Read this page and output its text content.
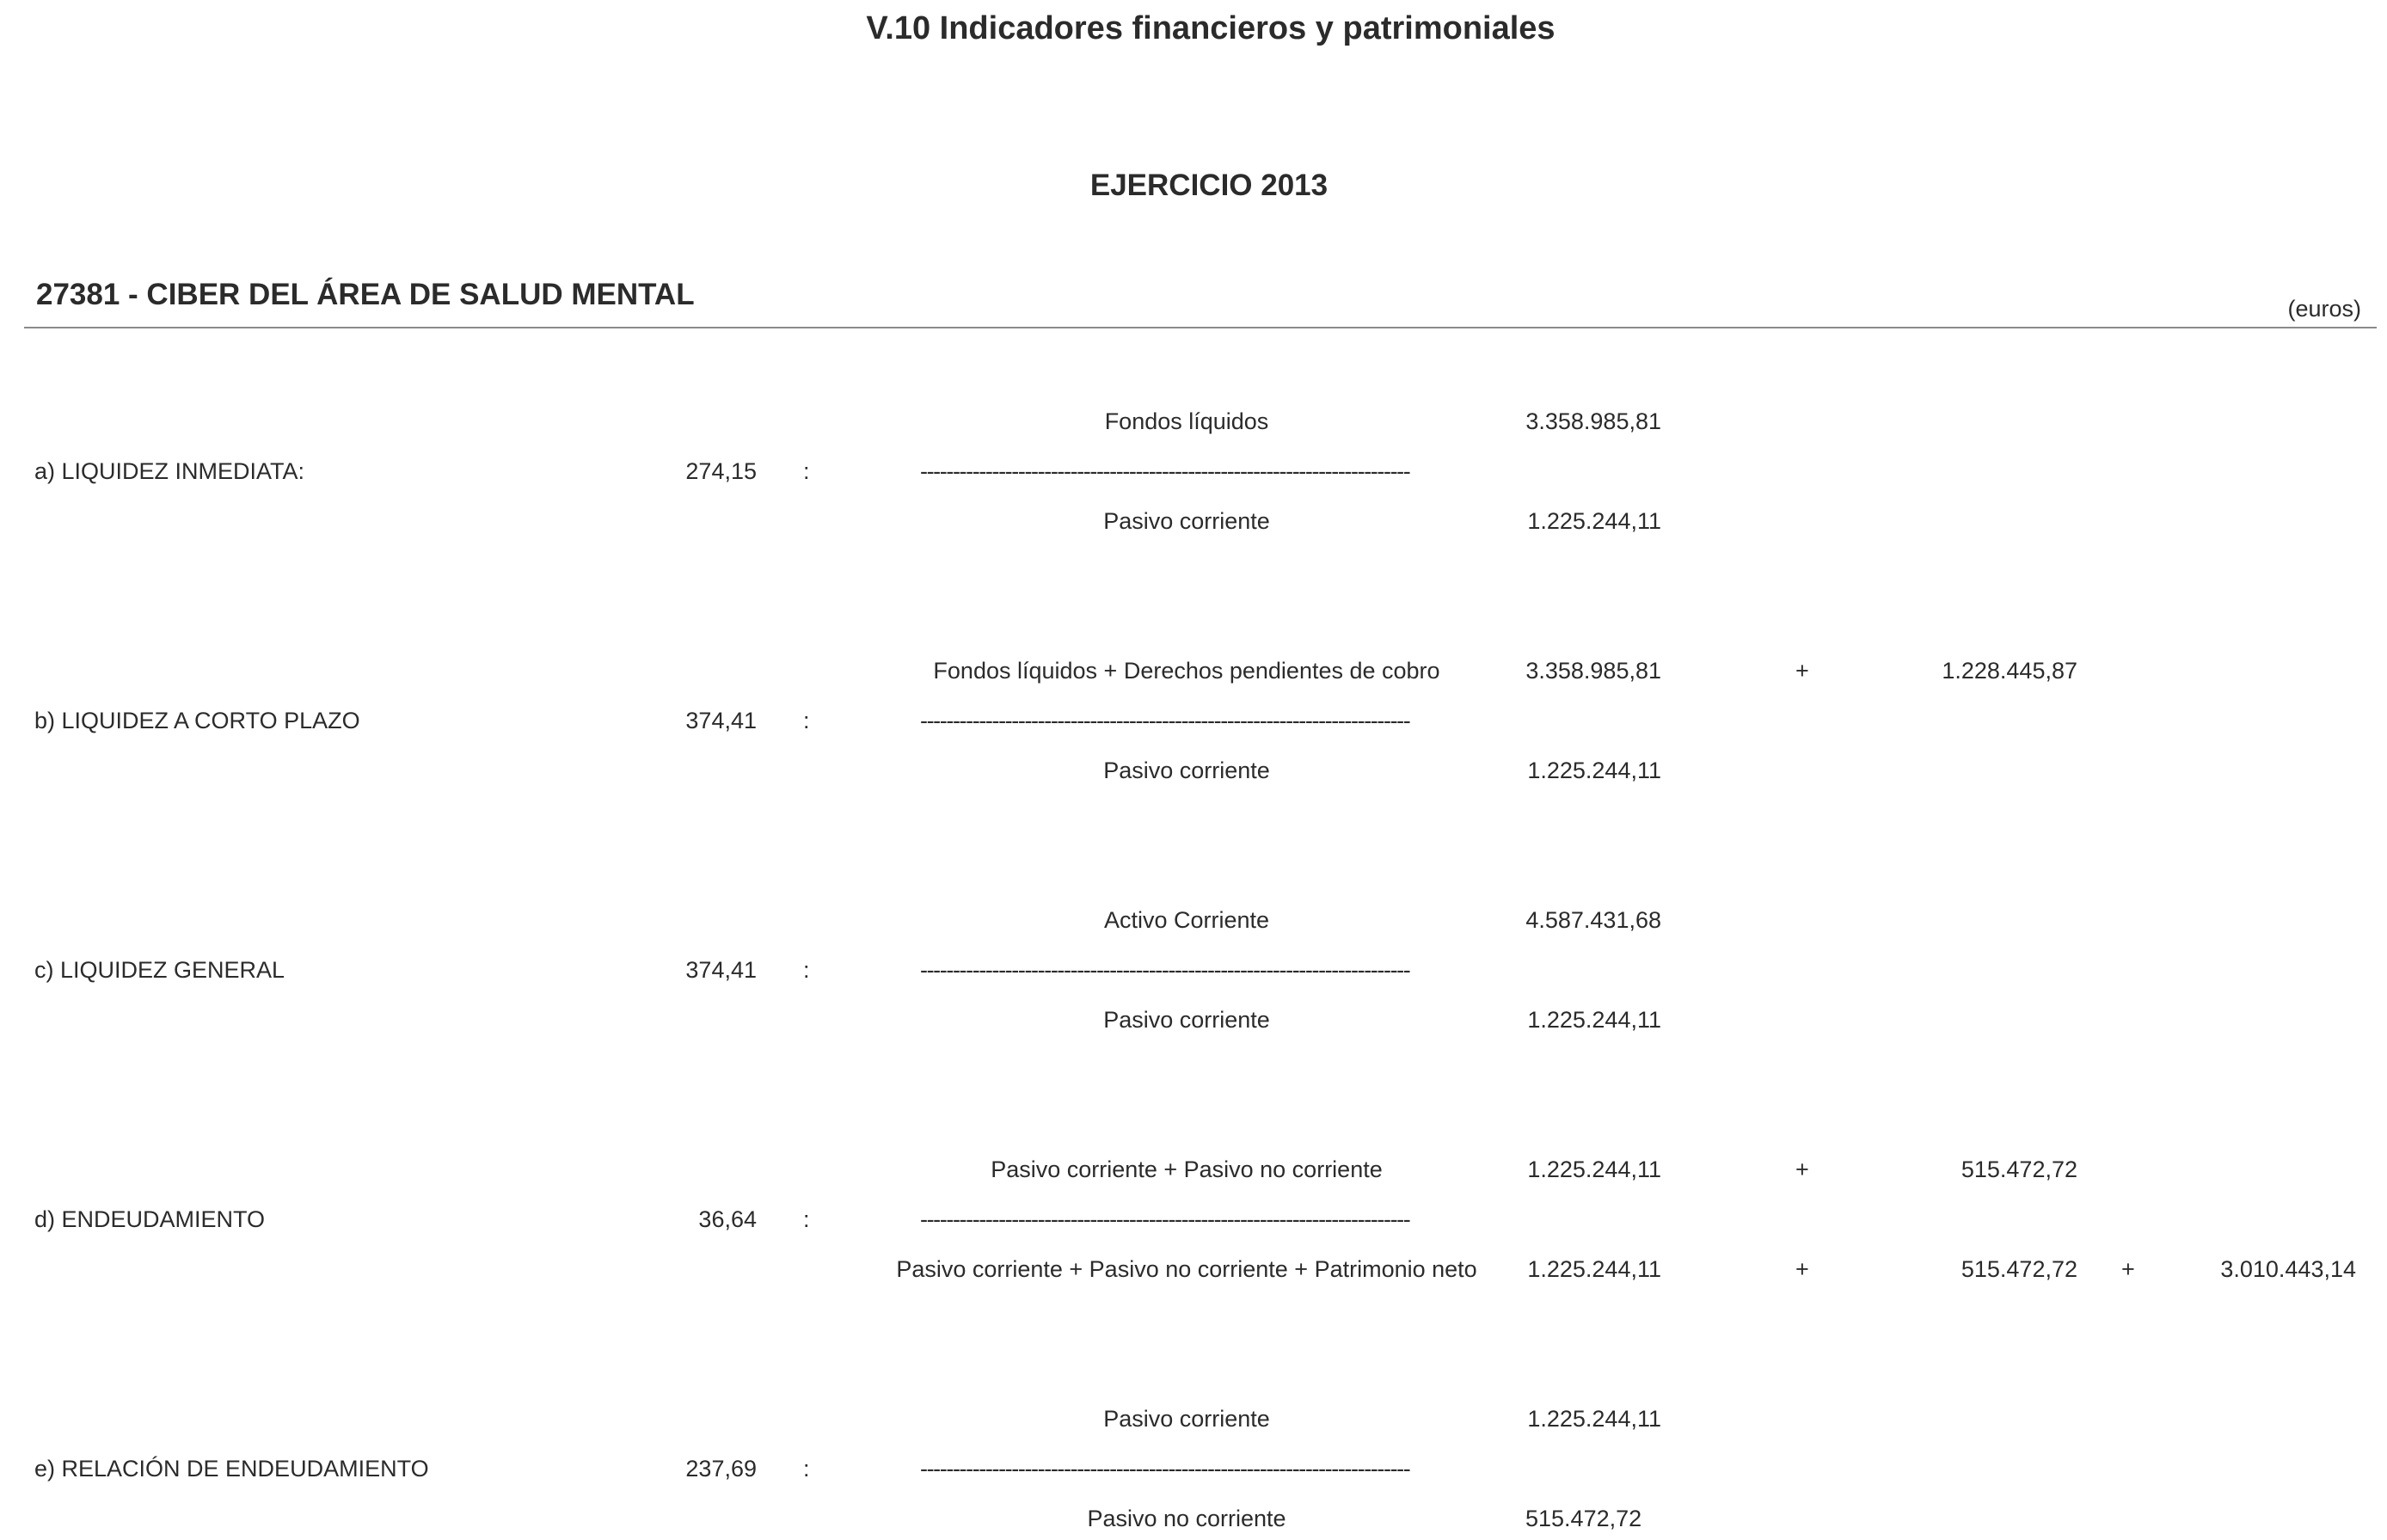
V.10 Indicadores financieros y patrimoniales
EJERCICIO 2013
27381 - CIBER DEL ÁREA DE SALUD MENTAL	(euros)
Fondos líquidos	3.358.985,81
a) LIQUIDEZ INMEDIATA:	274,15 :	---------------------------------------------------------------------------
Pasivo corriente	1.225.244,11
Fondos líquidos + Derechos pendientes de cobro	3.358.985,81	+	1.228.445,87
b) LIQUIDEZ A CORTO PLAZO	374,41 :	---------------------------------------------------------------------------
Pasivo corriente	1.225.244,11
Activo Corriente	4.587.431,68
c) LIQUIDEZ GENERAL	374,41 :	---------------------------------------------------------------------------
Pasivo corriente	1.225.244,11
Pasivo corriente + Pasivo no corriente	1.225.244,11	+	515.472,72
d) ENDEUDAMIENTO	36,64 :	---------------------------------------------------------------------------
Pasivo corriente + Pasivo no corriente + Patrimonio neto	1.225.244,11	+	515.472,72 +	3.010.443,14
Pasivo corriente	1.225.244,11
e) RELACIÓN DE ENDEUDAMIENTO	237,69 :	---------------------------------------------------------------------------
Pasivo no corriente	515.472,72
